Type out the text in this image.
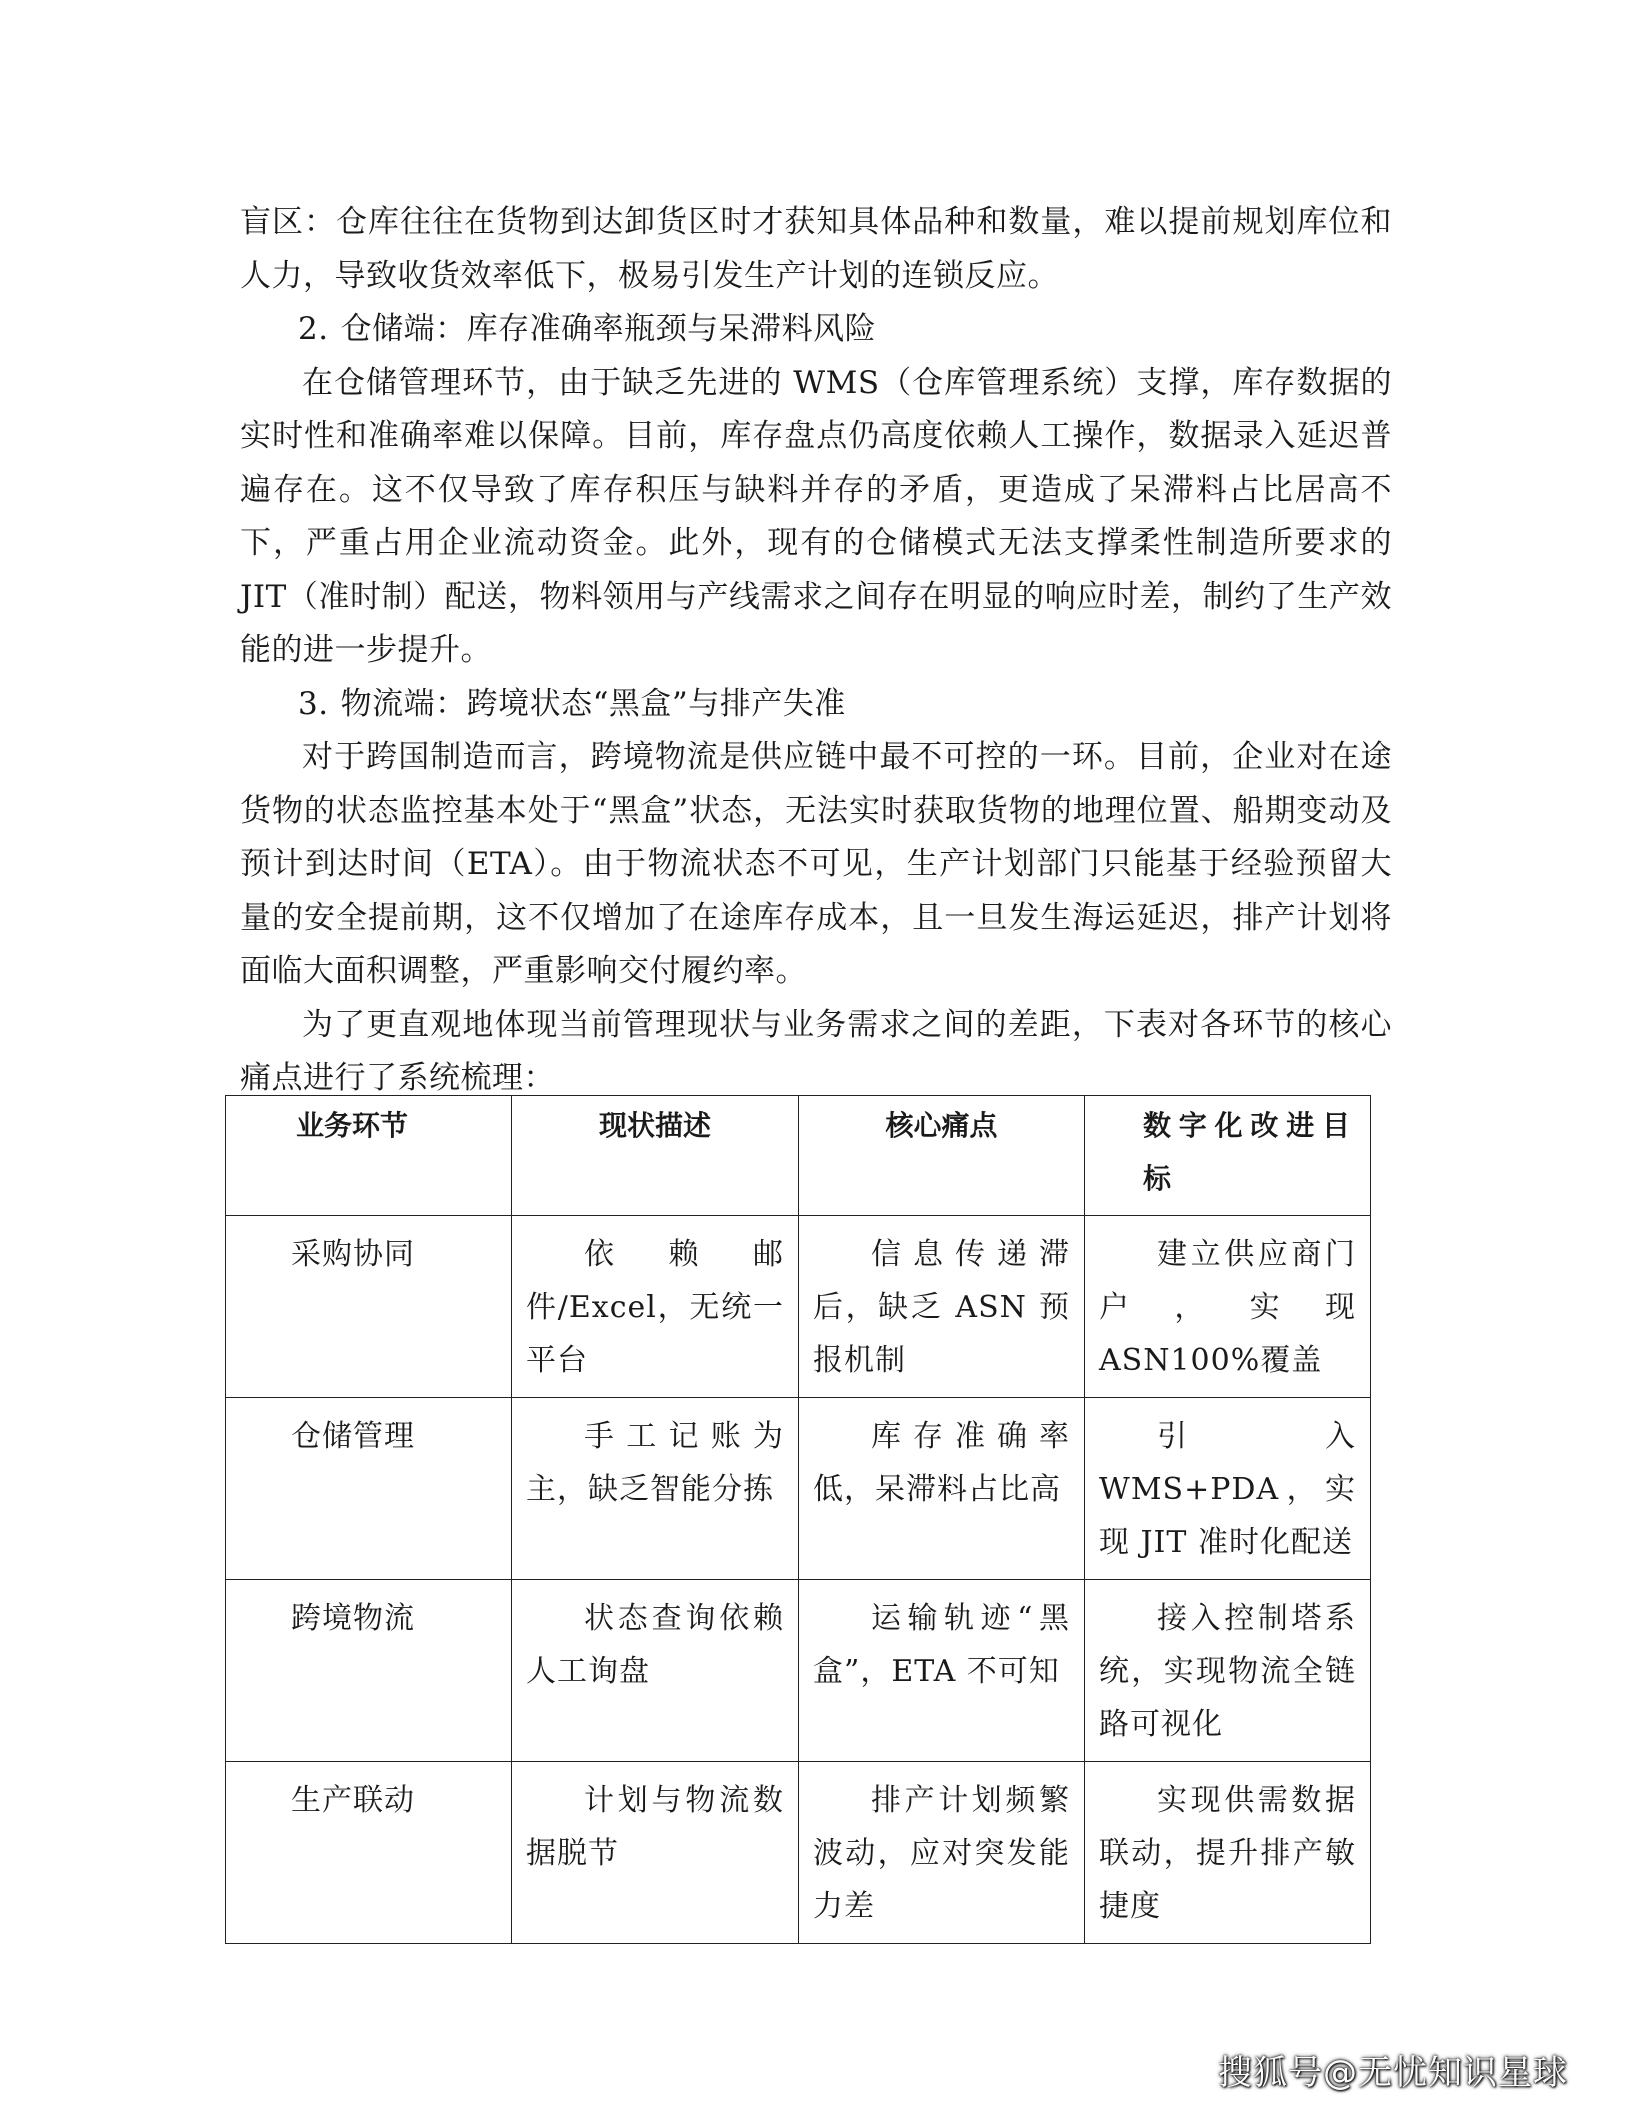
盲区：仓库往往在货物到达卸货区时才获知具体品种和数量，难以提前规划库位和人力，导致收货效率低下，极易引发生产计划的连锁反应。

2. 仓储端：库存准确率瓶颈与呆滞料风险

在仓储管理环节，由于缺乏先进的 WMS（仓库管理系统）支撑，库存数据的实时性和准确率难以保障。目前，库存盘点仍高度依赖人工操作，数据录入延迟普遍存在。这不仅导致了库存积压与缺料并存的矛盾，更造成了呆滞料占比居高不下，严重占用企业流动资金。此外，现有的仓储模式无法支撑柔性制造所要求的 JIT（准时制）配送，物料领用与产线需求之间存在明显的响应时差，制约了生产效能的进一步提升。

3. 物流端：跨境状态“黑盒”与排产失准

对于跨国制造而言，跨境物流是供应链中最不可控的一环。目前，企业对在途货物的状态监控基本处于“黑盒”状态，无法实时获取货物的地理位置、船期变动及预计到达时间（ETA）。由于物流状态不可见，生产计划部门只能基于经验预留大量的安全提前期，这不仅增加了在途库存成本，且一旦发生海运延迟，排产计划将面临大面积调整，严重影响交付履约率。

为了更直观地体现当前管理现状与业务需求之间的差距，下表对各环节的核心痛点进行了系统梳理：

业务环节	现状描述	核心痛点	数字化改进目标
采购协同	依赖邮件/Excel，无统一平台	信息传递滞后，缺乏 ASN 预报机制	建立供应商门户，实现 ASN100%覆盖
仓储管理	手工记账为主，缺乏智能分拣	库存准确率低，呆滞料占比高	引入 WMS+PDA，实现 JIT 准时化配送
跨境物流	状态查询依赖人工询盘	运输轨迹“黑盒”，ETA 不可知	接入控制塔系统，实现物流全链路可视化
生产联动	计划与物流数据脱节	排产计划频繁波动，应对突发能力差	实现供需数据联动，提升排产敏捷度
搜狐号@无忧知识星球
